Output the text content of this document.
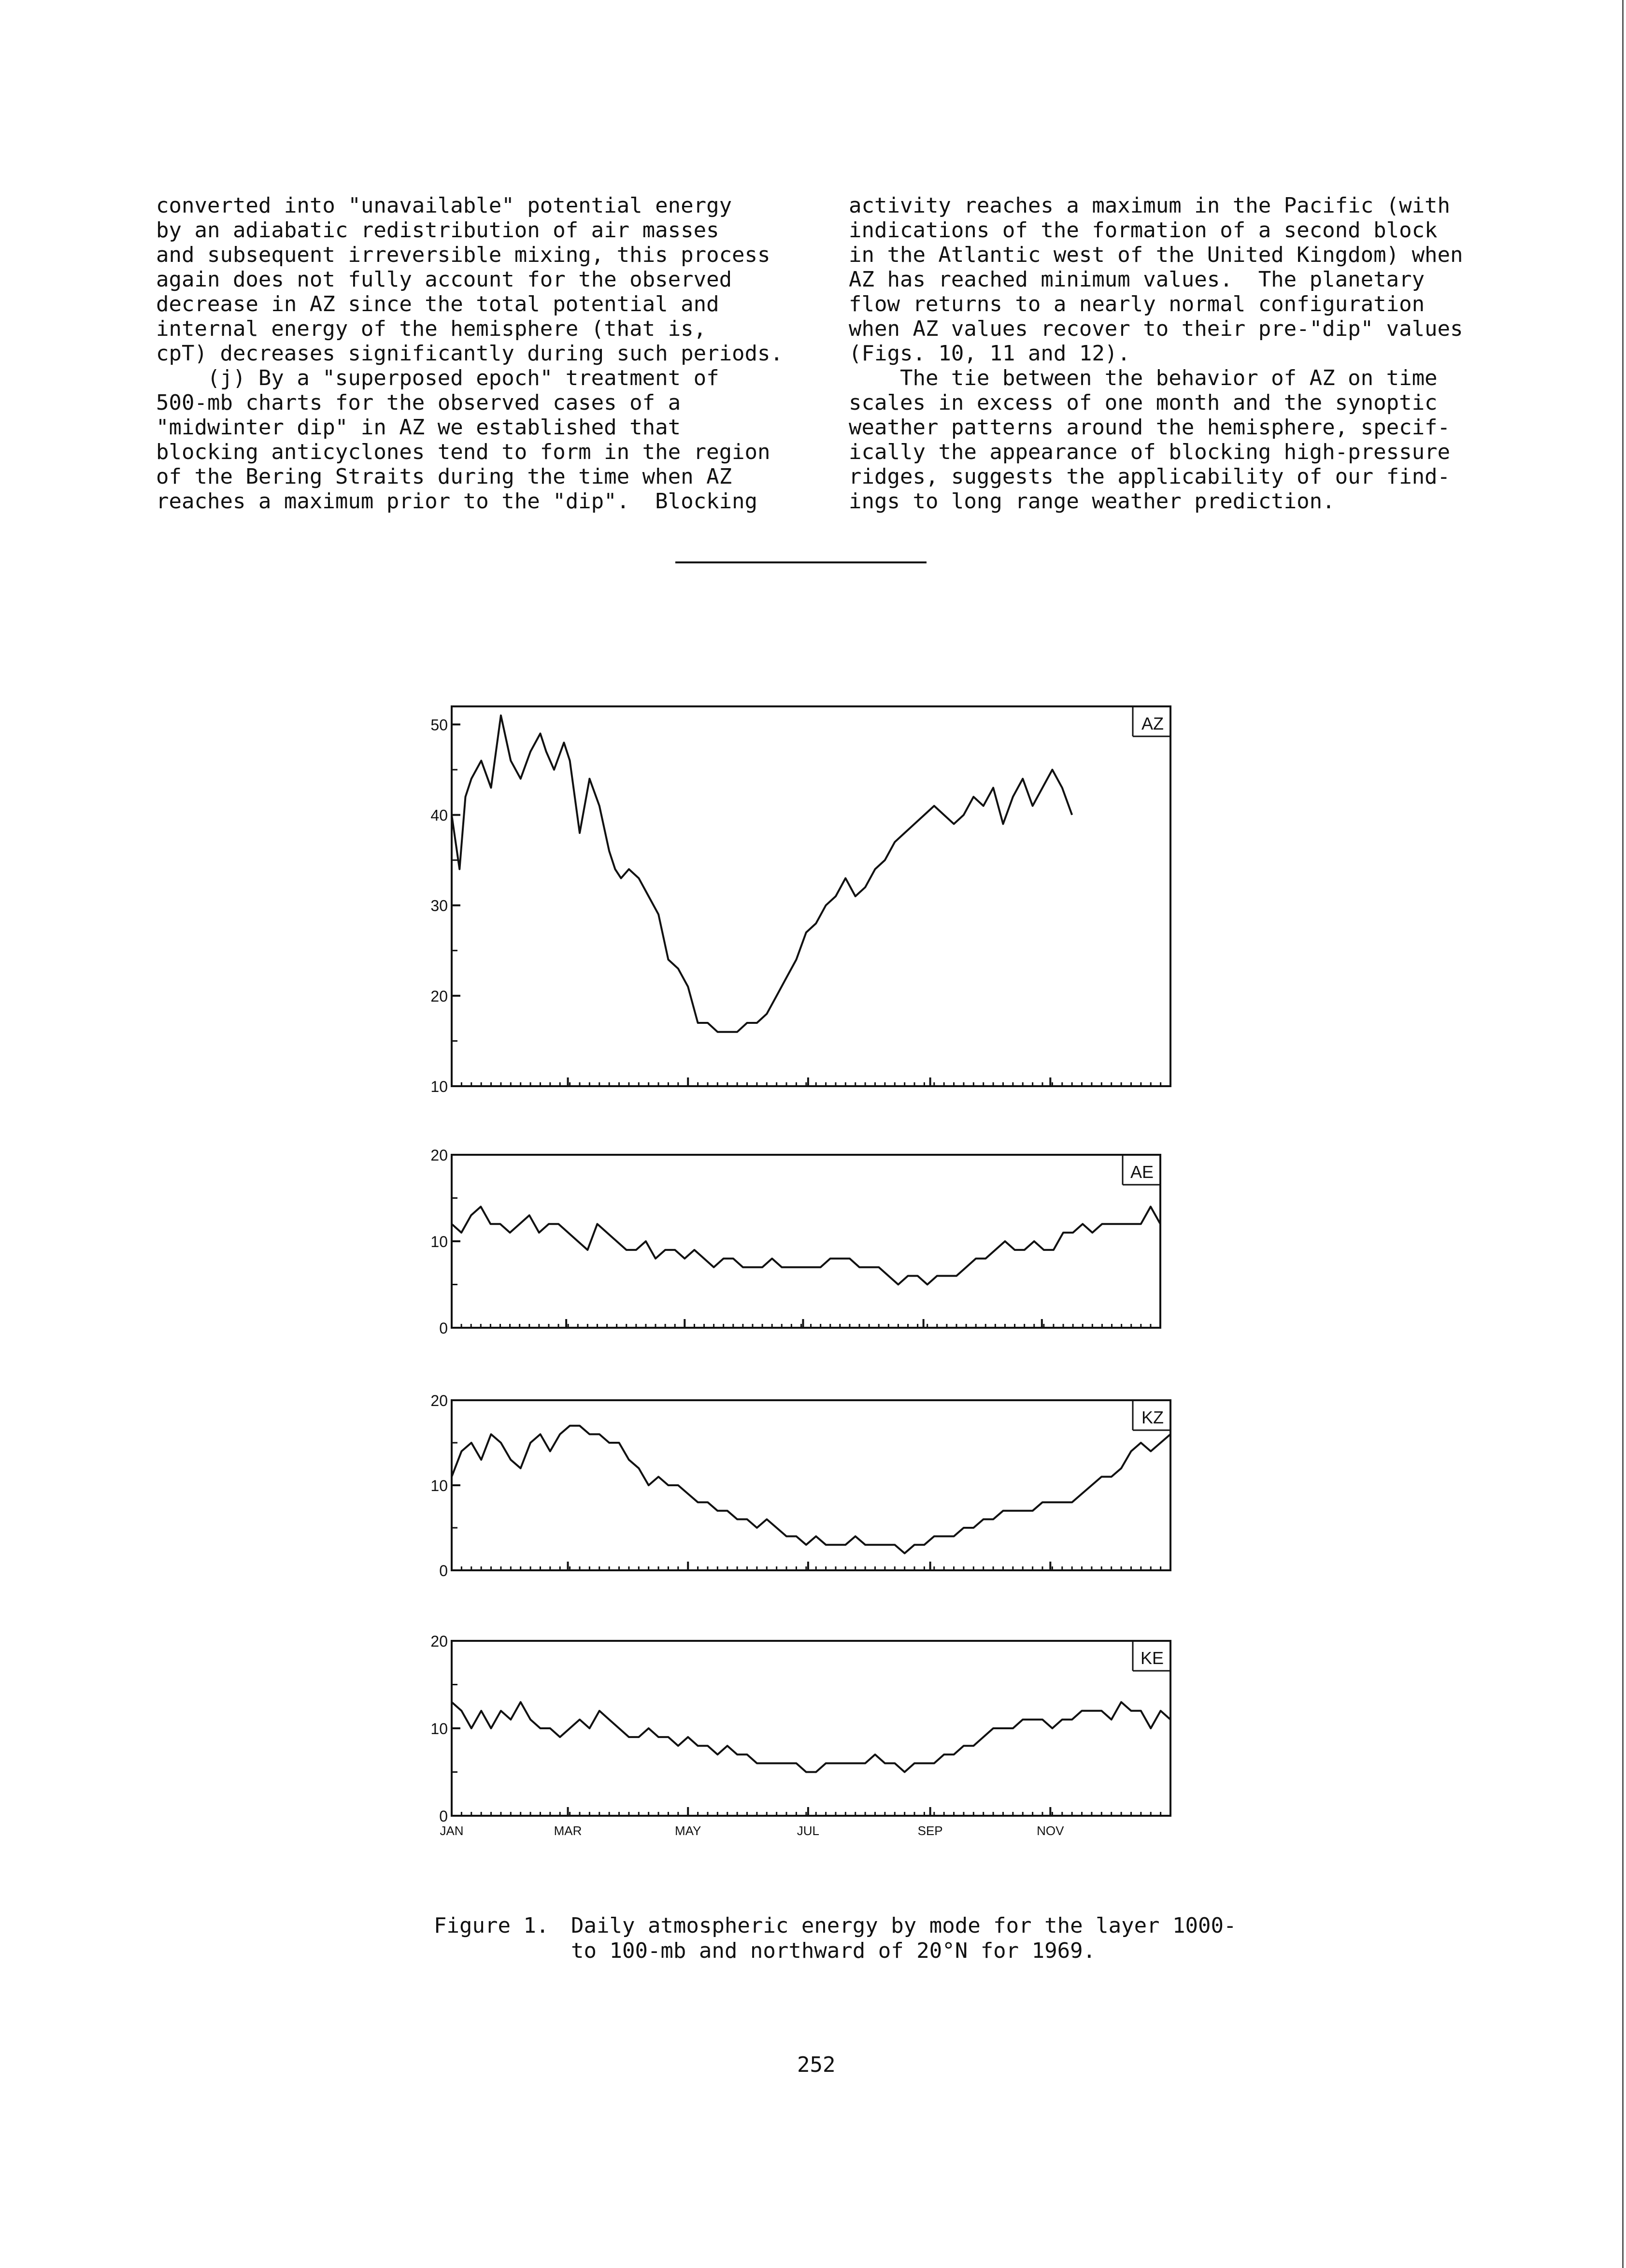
converted into "unavailable" potential energy

by an adiabatic redistribution of air masses

and subsequent irreversible mixing, this process

again does not fully account for the observed

decrease in AZ since the total potential and

internal energy of the hemisphere (that is,

cpT) decreases significantly during such periods.

(j) By a "superposed epoch" treatment of

500-mb charts for the observed cases of a

"midwinter dip" in AZ we established that

blocking anticyclones tend to form in the region

of the Bering Straits during the time when AZ

reaches a maximum prior to the "dip".  Blocking

activity reaches a maximum in the Pacific (with

indications of the formation of a second block

in the Atlantic west of the United Kingdom) when

AZ has reached minimum values.  The planetary

flow returns to a nearly normal configuration

when AZ values recover to their pre-"dip" values

(Figs. 10, 11 and 12).

The tie between the behavior of AZ on time

scales in excess of one month and the synoptic

weather patterns around the hemisphere, specif-

ically the appearance of blocking high-pressure

ridges, suggests the applicability of our find-

ings to long range weather prediction.

AZ
10
20
30
40
50
AE
0
10
20
KZ
0
10
20
KE
0
10
20
JAN	MAR	MAY	JUL	SEP	NOV
Figure 1. Daily atmospheric energy by mode for the layer 1000-
to 100-mb and northward of 20°N for 1969.
252
